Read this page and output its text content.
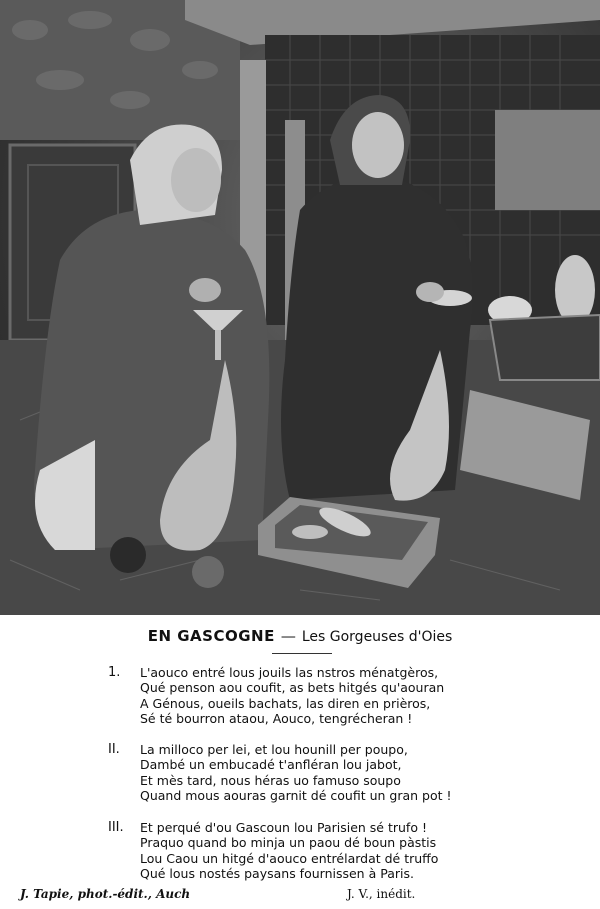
EN GASCOGNE — Les Gorgeuses d'Oies
1.	L'aouco entré lous jouils las nstros ménatgèros,
Qué penson aou coufit, as bets hitgés qu'aouran
A Génous, oueils bachats, las diren en prièros,
Sé té bourron ataou, Aouco, tengrécheran !
II.	La milloco per lei, et lou hounill per poupo,
Dambé un embucadé t'anfléran lou jabot,
Et mès tard, nous héras uo famuso soupo
Quand mous aouras garnit dé coufit un gran pot !
III.	Et perqué d'ou Gascoun lou Parisien sé trufo !
Praquo quand bo minja un paou dé boun pàstis
Lou Caou un hitgé d'aouco entrélardat dé truffo
Qué lous nostés paysans fournissen à Paris.
J. Tapie, phot.-édit., Auch	J. V., inédit.
